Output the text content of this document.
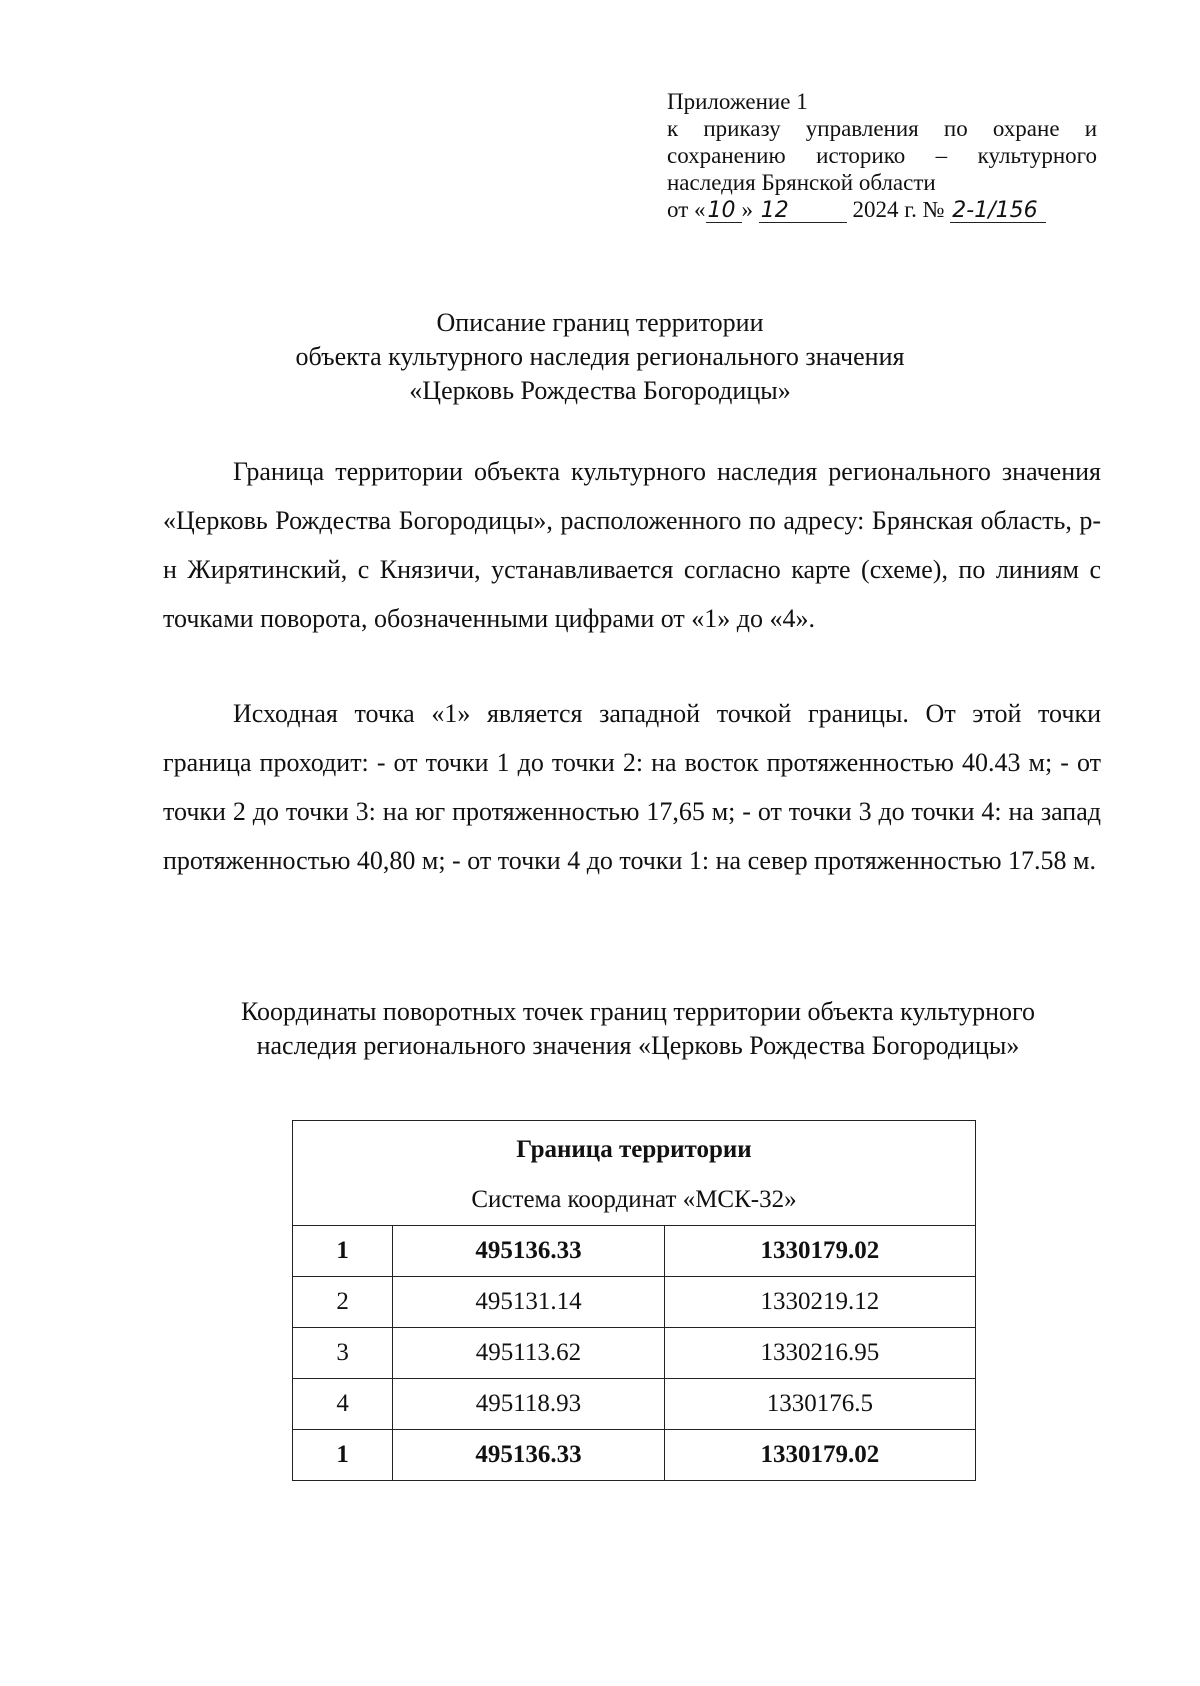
Приложение 1
к приказу управления по охране и
сохранению историко – культурного
наследия Брянской области
от «10 » 12	2024 г. № 2-1/156
Описание границ территории
объекта культурного наследия регионального значения
«Церковь Рождества Богородицы»

Граница территории объекта культурного наследия регионального значения «Церковь Рождества Богородицы», расположенного по адресу: Брянская область, р-н Жирятинский, с Князичи, устанавливается согласно карте (схеме), по линиям с точками поворота, обозначенными цифрами от «1» до «4».

Исходная точка «1» является западной точкой границы. От этой точки граница проходит: - от точки 1 до точки 2: на восток протяженностью 40.43 м; - от точки 2 до точки 3: на юг протяженностью 17,65 м; - от точки 3 до точки 4: на запад протяженностью 40,80 м; - от точки 4 до точки 1: на север протяженностью 17.58 м.

Координаты поворотных точек границ территории объекта культурного
наследия регионального значения «Церковь Рождества Богородицы»
Граница территории
Система координат «МСК-32»		

1	495136.33	1330179.02
2	495131.14	1330219.12
3	495113.62	1330216.95
4	495118.93	1330176.5
1	495136.33	1330179.02
